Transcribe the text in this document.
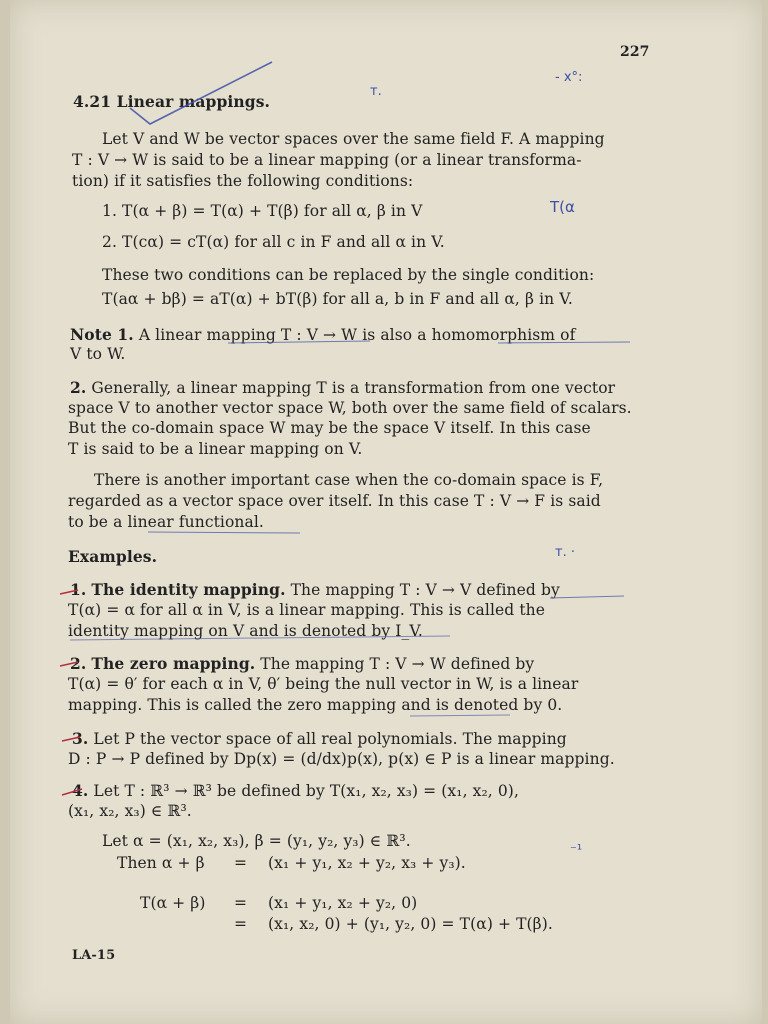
227
- x°:
4.21 Linear mappings.
ᴛ.
Let V and W be vector spaces over the same field F. A mapping
T : V → W is said to be a linear mapping (or a linear transforma-
tion) if it satisfies the following conditions:
1. T(α + β) = T(α) + T(β) for all α, β in V	T(α
2. T(cα) = cT(α) for all c in F and all α in V.
These two conditions can be replaced by the single condition:
T(aα + bβ) = aT(α) + bT(β) for all a, b in F and all α, β in V.
Note 1. A linear mapping T : V → W is also a homomorphism of
V to W.
2. Generally, a linear mapping T is a transformation from one vector
space V to another vector space W, both over the same field of scalars.
But the co-domain space W may be the space V itself. In this case
T is said to be a linear mapping on V.
There is another important case when the co-domain space is F,
regarded as a vector space over itself. In this case T : V → F is said
to be a linear functional.
Examples.	ᴛ. ·
1. The identity mapping. The mapping T : V → V defined by
T(α) = α for all α in V, is a linear mapping. This is called the
identity mapping on V and is denoted by I_V.
2. The zero mapping. The mapping T : V → W defined by
T(α) = θ′ for each α in V, θ′ being the null vector in W, is a linear
mapping. This is called the zero mapping and is denoted by 0.
3. Let P the vector space of all real polynomials. The mapping
D : P → P defined by Dp(x) = (d/dx)p(x), p(x) ∈ P is a linear mapping.
4. Let T : ℝ³ → ℝ³ be defined by T(x₁, x₂, x₃) = (x₁, x₂, 0),
(x₁, x₂, x₃) ∈ ℝ³.
Let α = (x₁, x₂, x₃), β = (y₁, y₂, y₃) ∈ ℝ³.
⁻¹
Then α + β = (x₁ + y₁, x₂ + y₂, x₃ + y₃).
T(α + β) = (x₁ + y₁, x₂ + y₂, 0)
= (x₁, x₂, 0) + (y₁, y₂, 0) = T(α) + T(β).
LA-15
